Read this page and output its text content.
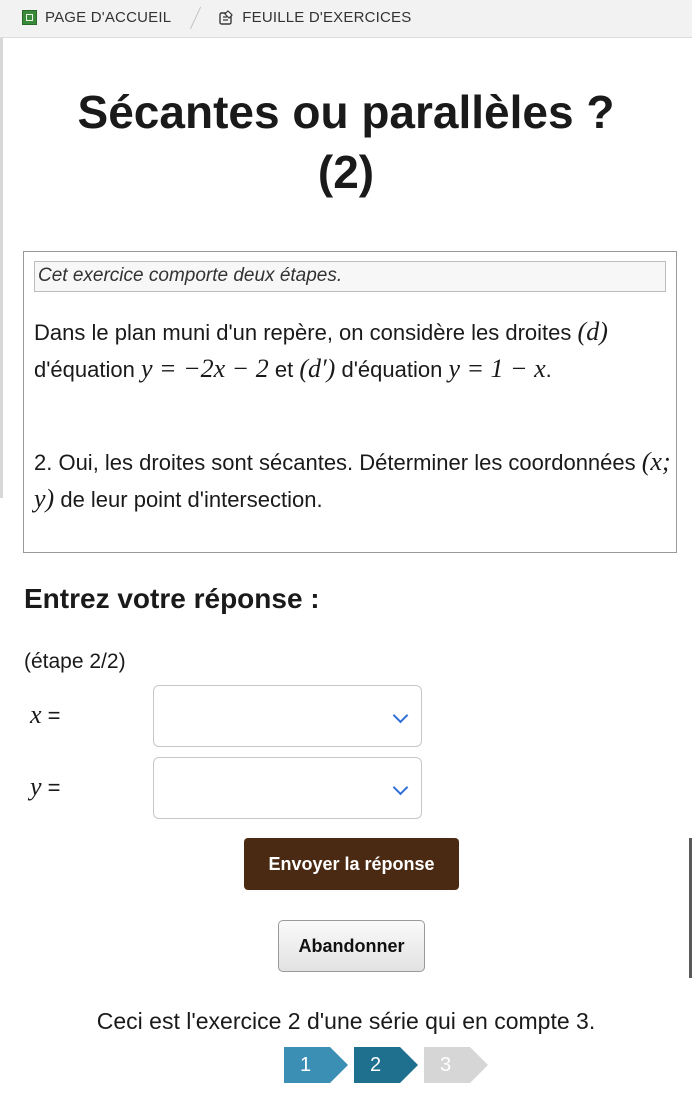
PAGE D'ACCUEIL	FEUILLE D'EXERCICES
Sécantes ou parallèles ?
(2)
Cet exercice comporte deux étapes.

Dans le plan muni d'un repère, on considère les droites (d) d'équation y = −2x − 2 et (d′) d'équation y = 1 − x.

2. Oui, les droites sont sécantes. Déterminer les coordonnées (x; y) de leur point d'intersection.

Entrez votre réponse :

(étape 2/2)

x =
y =
Envoyer la réponse
Abandonner

Ceci est l'exercice 2 d'une série qui en compte 3.

1	2	3
